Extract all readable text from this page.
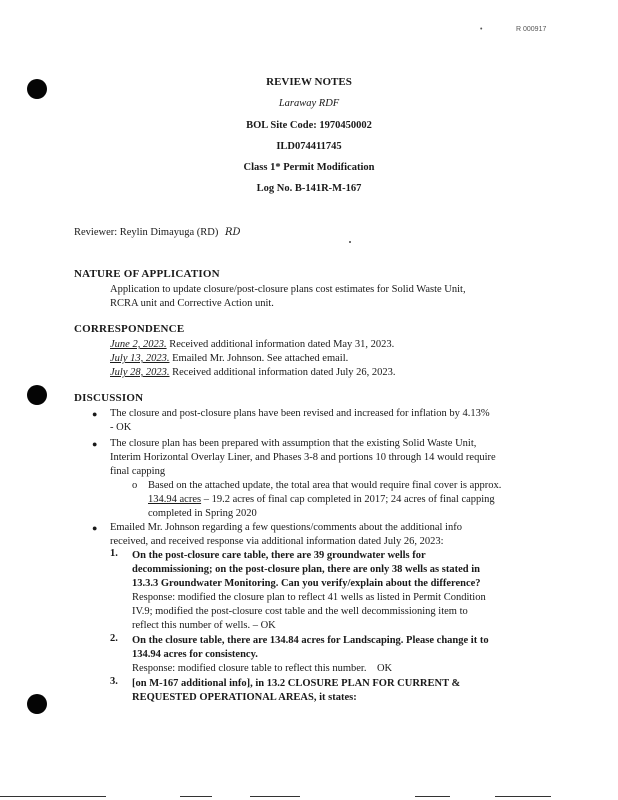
•	R 000917
REVIEW NOTES
Laraway RDF
BOL Site Code: 1970450002
ILD074411745
Class 1* Permit Modification
Log No. B-141R-M-167
Reviewer: Reylin Dimayuga (RD) RD
NATURE OF APPLICATION
Application to update closure/post-closure plans cost estimates for Solid Waste Unit,
RCRA unit and Corrective Action unit.
CORRESPONDENCE
June 2, 2023. Received additional information dated May 31, 2023.
July 13, 2023. Emailed Mr. Johnson. See attached email.
July 28, 2023. Received additional information dated July 26, 2023.
DISCUSSION
● The closure and post-closure plans have been revised and increased for inflation by 4.13%
- OK
● The closure plan has been prepared with assumption that the existing Solid Waste Unit,
Interim Horizontal Overlay Liner, and Phases 3-8 and portions 10 through 14 would require
final capping
o Based on the attached update, the total area that would require final cover is approx.
134.94 acres – 19.2 acres of final cap completed in 2017; 24 acres of final capping
completed in Spring 2020
● Emailed Mr. Johnson regarding a few questions/comments about the additional info
received, and received response via additional information dated July 26, 2023:
1. On the post-closure care table, there are 39 groundwater wells for
decommissioning; on the post-closure plan, there are only 38 wells as stated in
13.3.3 Groundwater Monitoring. Can you verify/explain about the difference?
Response: modified the closure plan to reflect 41 wells as listed in Permit Condition
IV.9; modified the post-closure cost table and the well decommissioning item to
reflect this number of wells. – OK
2. On the closure table, there are 134.84 acres for Landscaping. Please change it to
134.94 acres for consistency.
Response: modified closure table to reflect this number.    OK
3. [on M-167 additional info], in 13.2 CLOSURE PLAN FOR CURRENT &
REQUESTED OPERATIONAL AREAS, it states:
